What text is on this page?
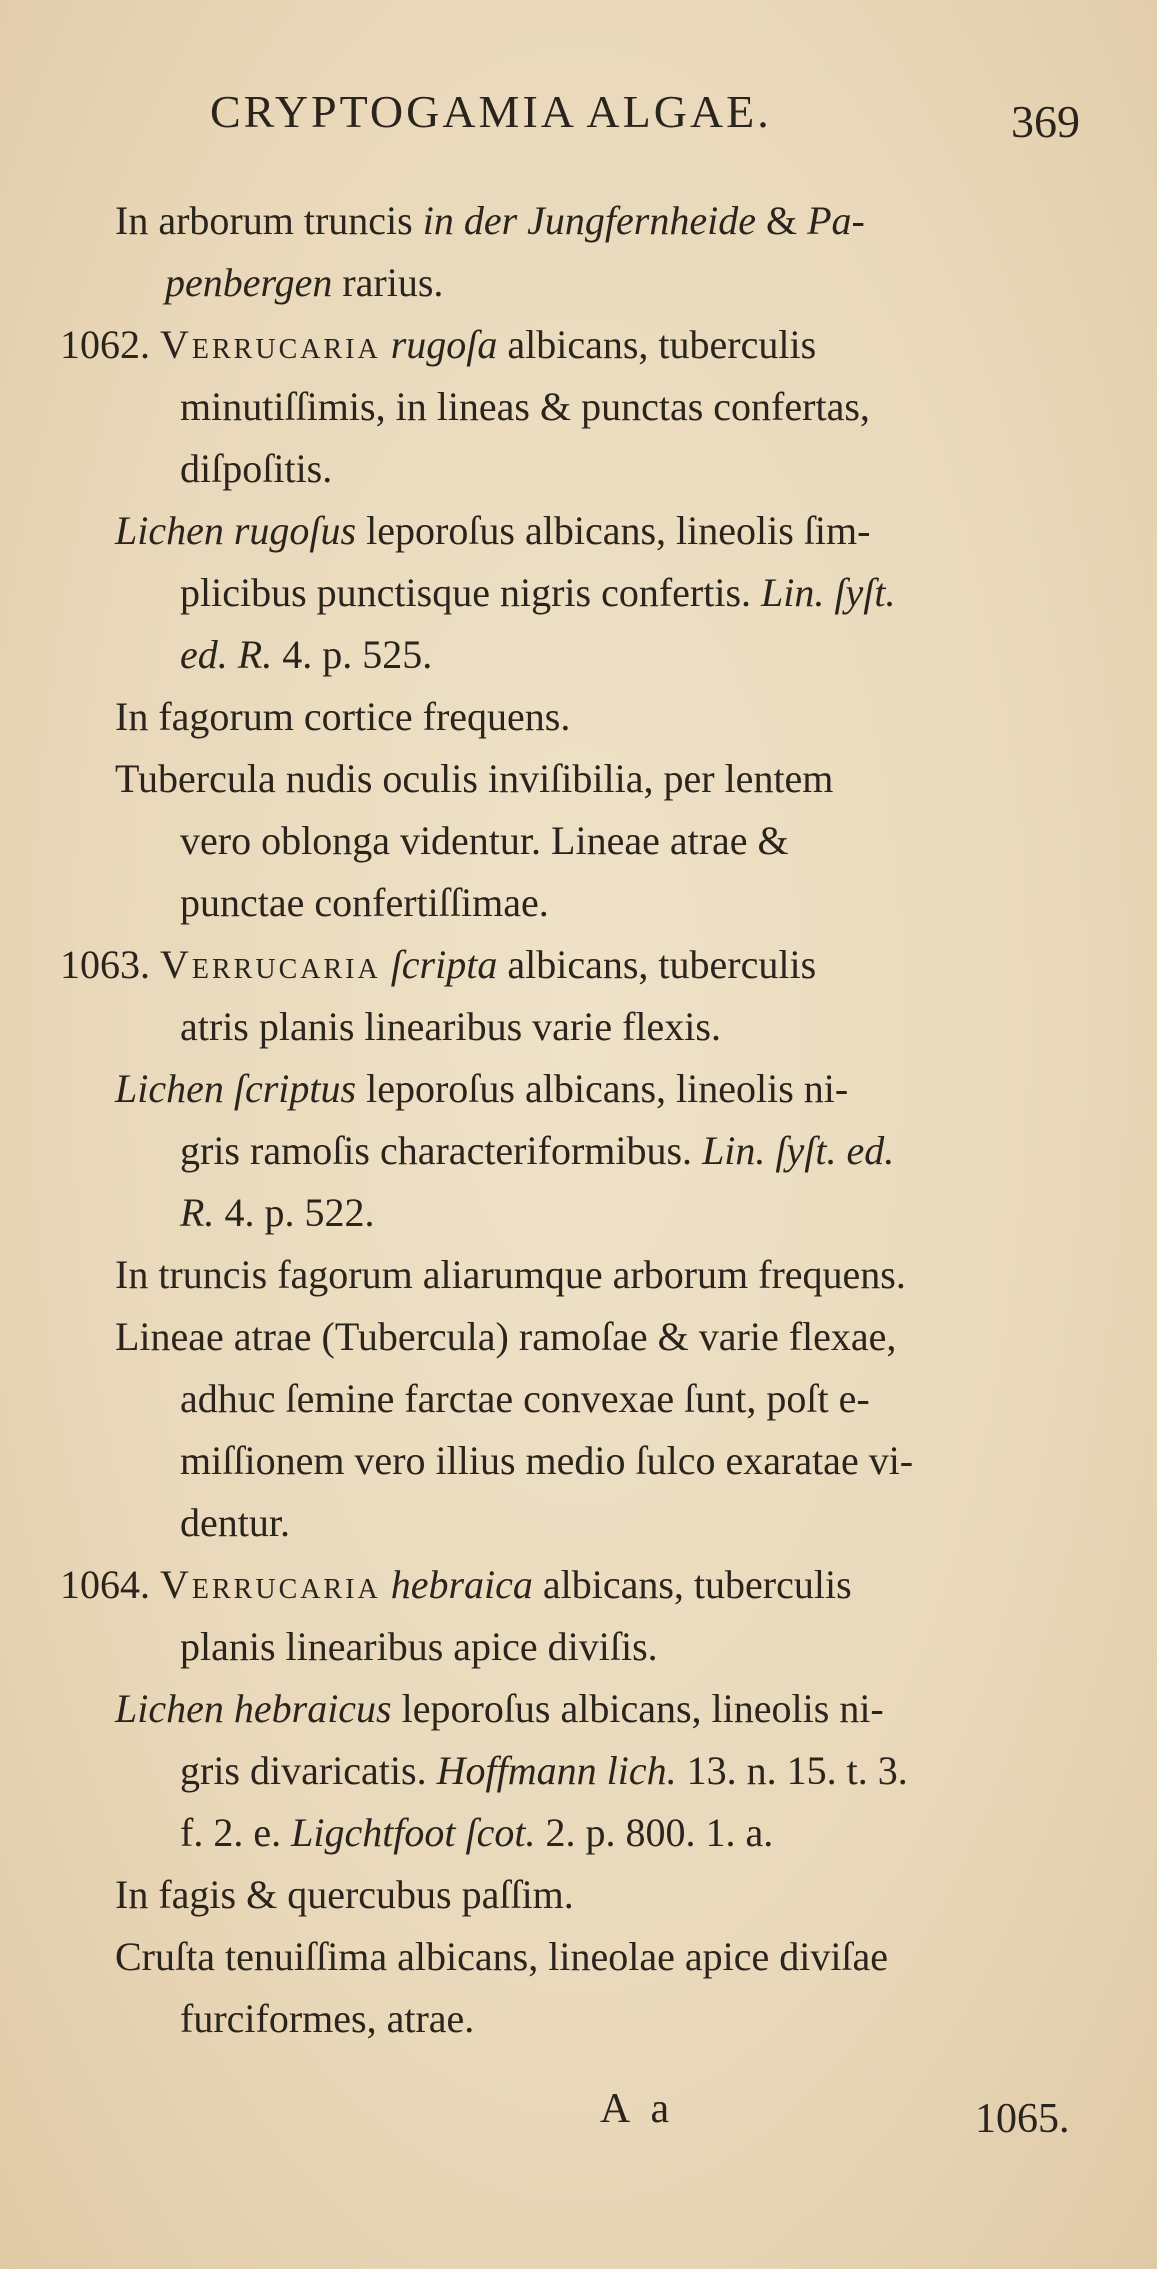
CRYPTOGAMIA ALGAE.	369
In arborum truncis in der Jungfernheide & Pa-
penbergen rarius.
1062. Verrucaria rugoſa albicans, tuberculis
minutiſſimis, in lineas & punctas confertas,
diſpoſitis.
Lichen rugoſus leporoſus albicans, lineolis ſim-
plicibus punctisque nigris confertis. Lin. ſyſt.
ed. R. 4. p. 525.
In fagorum cortice frequens.
Tubercula nudis oculis inviſibilia, per lentem
vero oblonga videntur. Lineae atrae &
punctae confertiſſimae.
1063. Verrucaria ſcripta albicans, tuberculis
atris planis linearibus varie flexis.
Lichen ſcriptus leporoſus albicans, lineolis ni-
gris ramoſis characteriformibus. Lin. ſyſt. ed.
R. 4. p. 522.
In truncis fagorum aliarumque arborum frequens.
Lineae atrae (Tubercula) ramoſae & varie flexae,
adhuc ſemine farctae convexae ſunt, poſt e-
miſſionem vero illius medio ſulco exaratae vi-
dentur.
1064. Verrucaria hebraica albicans, tuberculis
planis linearibus apice diviſis.
Lichen hebraicus leporoſus albicans, lineolis ni-
gris divaricatis. Hoffmann lich. 13. n. 15. t. 3.
f. 2. e. Ligchtfoot ſcot. 2. p. 800. 1. a.
In fagis & quercubus paſſim.
Cruſta tenuiſſima albicans, lineolae apice diviſae
furciformes, atrae.
A a	1065.
